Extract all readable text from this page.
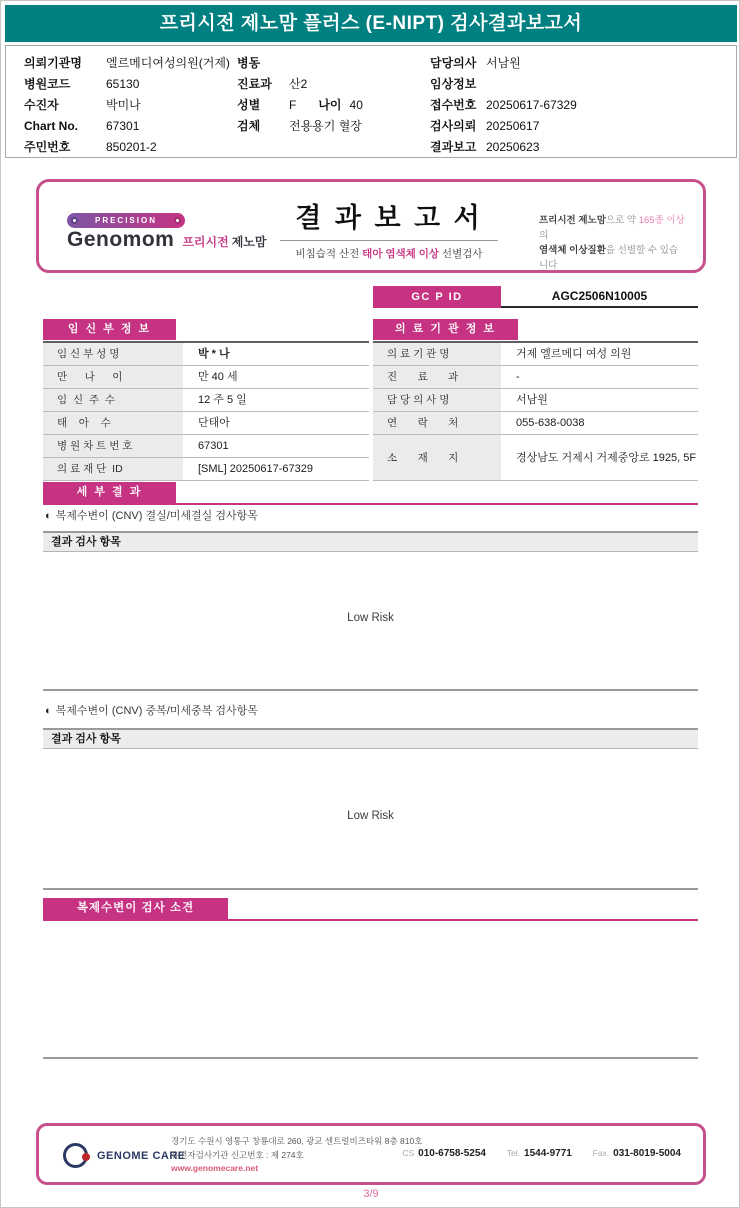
프리시전 제노맘 플러스 (E-NIPT) 검사결과보고서
의뢰기관명 엘르메디여성의원(거제)
병원코드	65130
수진자	박미나
Chart No. 67301
주민번호	850201-2
병동
진료과 산2
성별 F 나이 40
검체 전용용기 혈장
담당의사 서남원
임상정보
접수번호 20250617-67329
검사의뢰 20250617
결과보고 20250623
PRECISION
Genomom 프리시전 제노맘
결 과 보 고 서
비침습적 산전 태아 염색체 이상 선별검사
프리시전 제노맘으로 약 165종 이상의
염색체 이상질환을 선별할 수 있습니다
GC P ID	AGC2506N10005
임 신 부 정 보
임 신 부 성 명	박 * 나
만      나      이	만 40 세
임  신  주  수	12 주 5 일
태    아    수	단태아
병 원 차 트 번 호	67301
의 료 재 단  ID	[SML] 20250617-67329
의 료 기 관 정 보
의 료 기 관 명	거제 엘르메디 여성 의원
진       료       과	-
담 당 의 사 명	서남원
연       락       처	055-638-0038
소       재       지	경상남도 거제시 거제중앙로 1925, 5F
세 부 결 과
◐ 복제수변이 (CNV) 결실/미세결실 검사항목
결과 검사 항목
Low Risk
◐ 복제수변이 (CNV) 중복/미세중복 검사항목
결과 검사 항목
Low Risk
복제수변이 검사 소견
GENOME CARE
경기도 수원시 영통구 창룡대로 260, 광교 센트럴비즈타워 8층 810호
유전자검사기관 신고번호 : 제 274호
www.genomecare.net
CS 010-6758-5254 Tel. 1544-9771 Fax. 031-8019-5004
3/9
